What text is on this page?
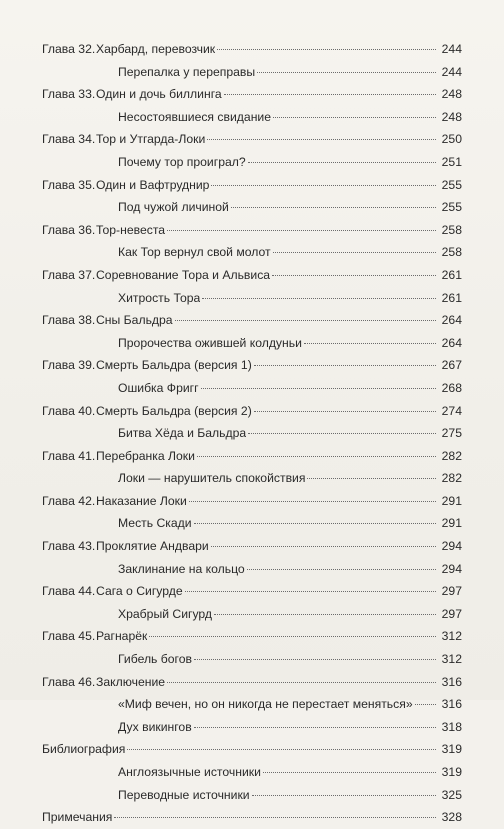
Глава 32. Харбард, перевозчик	244
Перепалка у переправы	244
Глава 33. Один и дочь биллинга	248
Несостоявшиеся свидание	248
Глава 34. Тор и Утгарда-Локи	250
Почему тор проиграл?	251
Глава 35. Один и Вафтрудниp	255
Под чужой личиной	255
Глава 36. Тор-невеста	258
Как Тор вернул свой молот	258
Глава 37. Соревнование Тора и Альвиса	261
Хитрость Тора	261
Глава 38. Сны Бальдра	264
Пророчества ожившей колдуньи	264
Глава 39. Смерть Бальдра (версия 1)	267
Ошибка Фригг	268
Глава 40. Смерть Бальдра (версия 2)	274
Битва Хёда и Бальдра	275
Глава 41. Перебранка Локи	282
Локи — нарушитель спокойствия	282
Глава 42. Наказание Локи	291
Месть Скади	291
Глава 43. Проклятие Андвари	294
Заклинание на кольцо	294
Глава 44. Сага о Сигурде	297
Храбрый Сигурд	297
Глава 45. Рагнарёк	312
Гибель богов	312
Глава 46. Заключение	316
«Миф вечен, но он никогда не перестает меняться» 316
Дух викингов	318
Библиография	319
Англоязычные источники	319
Переводные источники	325
Примечания	328
